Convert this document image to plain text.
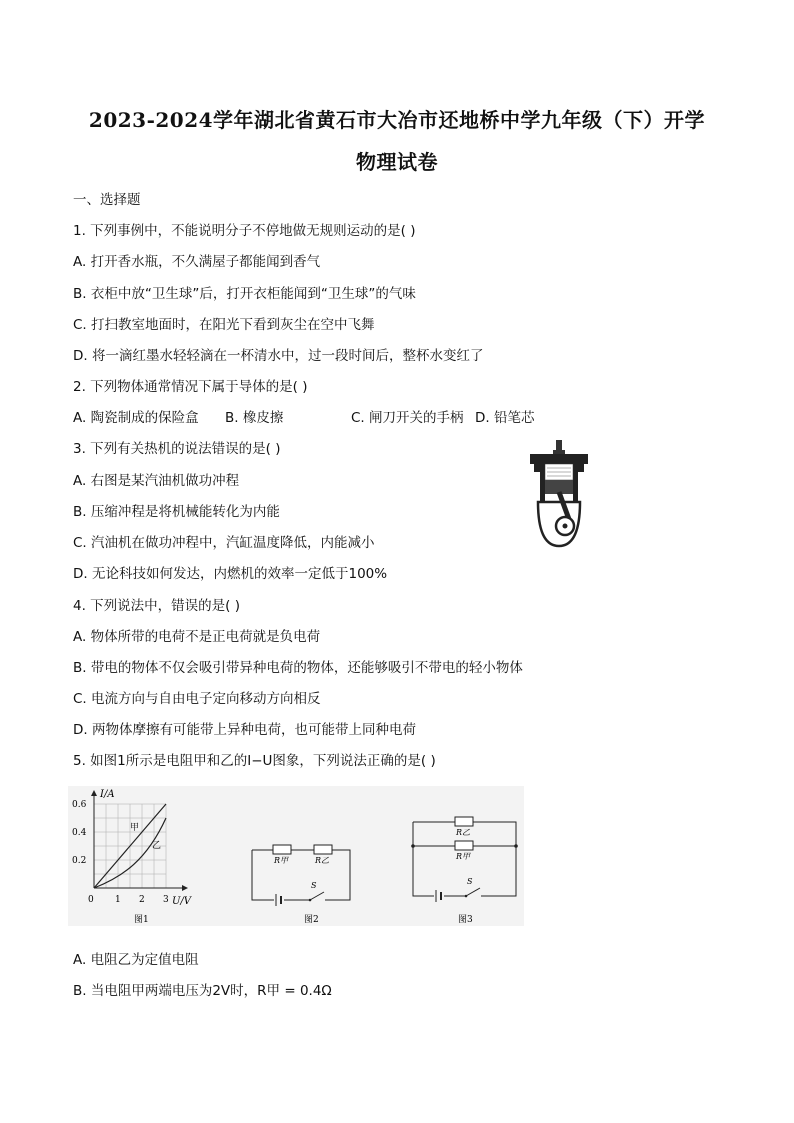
2023-2024学年湖北省黄石市大冶市还地桥中学九年级（下）开学
物理试卷
一、选择题
1. 下列事例中，不能说明分子不停地做无规则运动的是( )
A. 打开香水瓶，不久满屋子都能闻到香气
B. 衣柜中放“卫生球”后，打开衣柜能闻到“卫生球”的气味
C. 打扫教室地面时，在阳光下看到灰尘在空中飞舞
D. 将一滴红墨水轻轻滴在一杯清水中，过一段时间后，整杯水变红了
2. 下列物体通常情况下属于导体的是( )
A. 陶瓷制成的保险盒 B. 橡皮擦	C. 闸刀开关的手柄 D. 铅笔芯
3. 下列有关热机的说法错误的是( )
A. 右图是某汽油机做功冲程
B. 压缩冲程是将机械能转化为内能
C. 汽油机在做功冲程中，汽缸温度降低，内能减小
D. 无论科技如何发达，内燃机的效率一定低于100%
4. 下列说法中，错误的是( )
A. 物体所带的电荷不是正电荷就是负电荷
B. 带电的物体不仅会吸引带异种电荷的物体，还能够吸引不带电的轻小物体
C. 电流方向与自由电子定向移动方向相反
D. 两物体摩擦有可能带上异种电荷，也可能带上同种电荷
5. 如图1所示是电阻甲和乙的I−U图象，下列说法正确的是( )
I/A
U/V
0.6
0.4
0.2
0 1 2 3
甲
乙
图1
R甲	R乙
S
图2
R乙
R甲
S
图3
A. 电阻乙为定值电阻
B. 当电阻甲两端电压为2V时，R甲 = 0.4Ω
